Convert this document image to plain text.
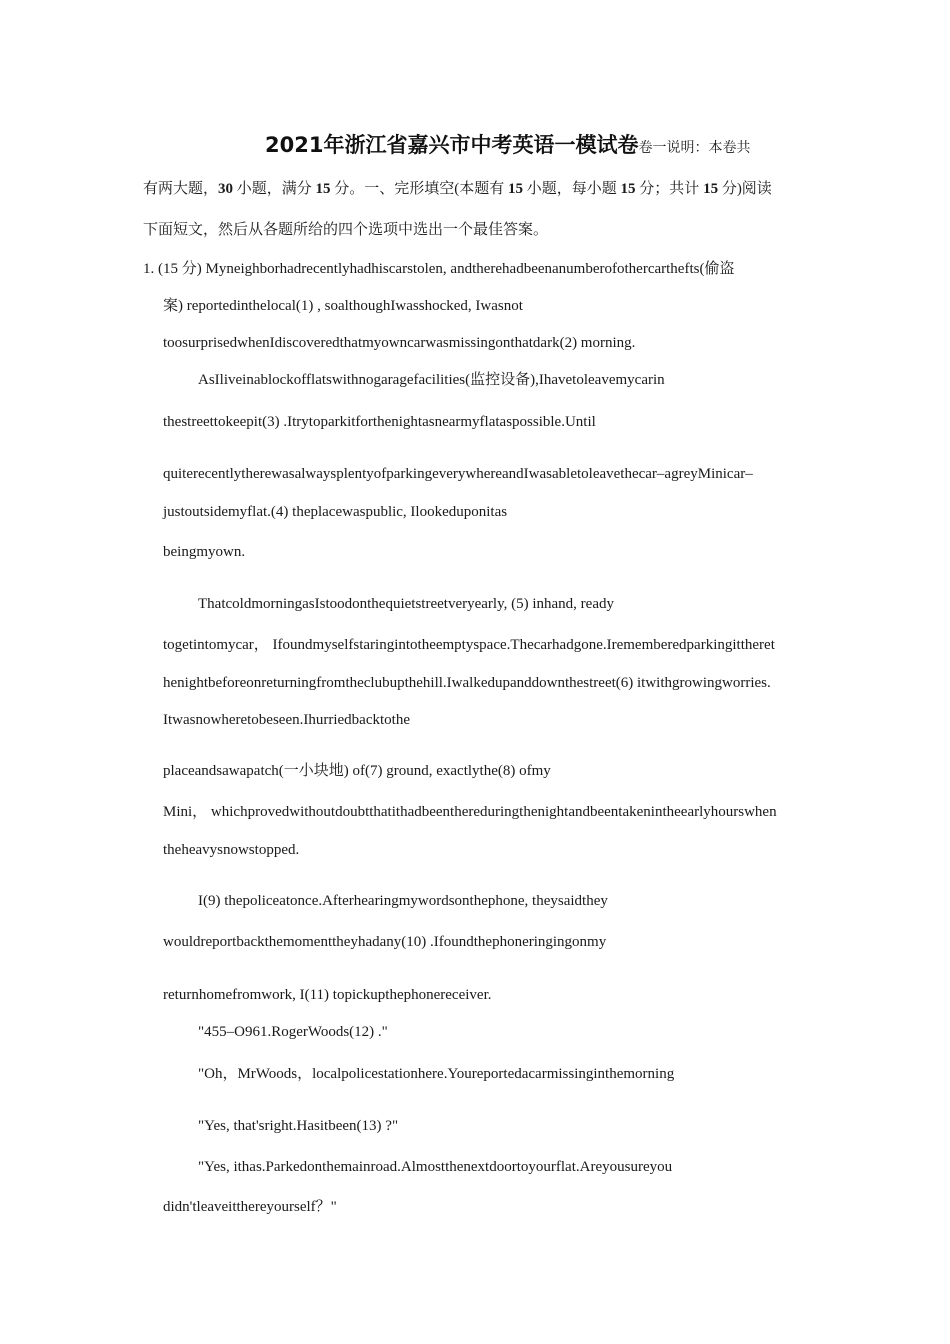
2021年浙江省嘉兴市中考英语一模试卷卷一说明：本卷共
有两大题，30 小题，满分 15 分。一、完形填空(本题有 15 小题，每小题 15 分；共计 15 分)阅读
下面短文，然后从各题所给的四个选项中选出一个最佳答案。
1. (15 分) Myneighborhadrecentlyhadhiscarstolen, andtherehadbeenanumberofothercarthefts(偷盗
案) reportedinthelocal(1) , soalthoughIwasshocked, Iwasnot
toosurprisedwhenIdiscoveredthatmyowncarwasmissingonthatdark(2) morning.
AsIliveinablockofflatswithnogaragefacilities(监控设备),Ihavetoleavemycarin
thestreettokeepit(3) .Itrytoparkitforthenightasnearmyflataspossible.Until
quiterecentlytherewasalwaysplentyofparkingeverywhereandIwasabletoleavethecar–agreyMinicar–
justoutsidemyflat.(4) theplacewaspublic, Ilookeduponitas
beingmyown.
ThatcoldmorningasIstoodonthequietstreetveryearly, (5) inhand, ready
togetintomycar， Ifoundmyselfstaringintotheemptyspace.Thecarhadgone.Irememberedparkingittheret
henightbeforeonreturningfromtheclubupthehill.Iwalkedupanddownthestreet(6) itwithgrowingworries.
Itwasnowheretobeseen.Ihurriedbacktothe
placeandsawapatch(一小块地) of(7) ground, exactlythe(8) ofmy
Mini， whichprovedwithoutdoubtthatithadbeenthereduringthenightandbeentakenintheearlyhourswhen
theheavysnowstopped.
I(9) thepoliceatonce.Afterhearingmywordsonthephone, theysaidthey
wouldreportbackthemomenttheyhadany(10) .Ifoundthephoneringingonmy
returnhomefromwork, I(11) topickupthephonereceiver.
"455–O961.RogerWoods(12) ."
"Oh，MrWoods，localpolicestationhere.Youreportedacarmissinginthemorning
"Yes, that'sright.Hasitbeen(13) ?"
"Yes, ithas.Parkedonthemainroad.Almostthenextdoortoyourflat.Areyousureyou
didn'tleaveitthereyourself？"
